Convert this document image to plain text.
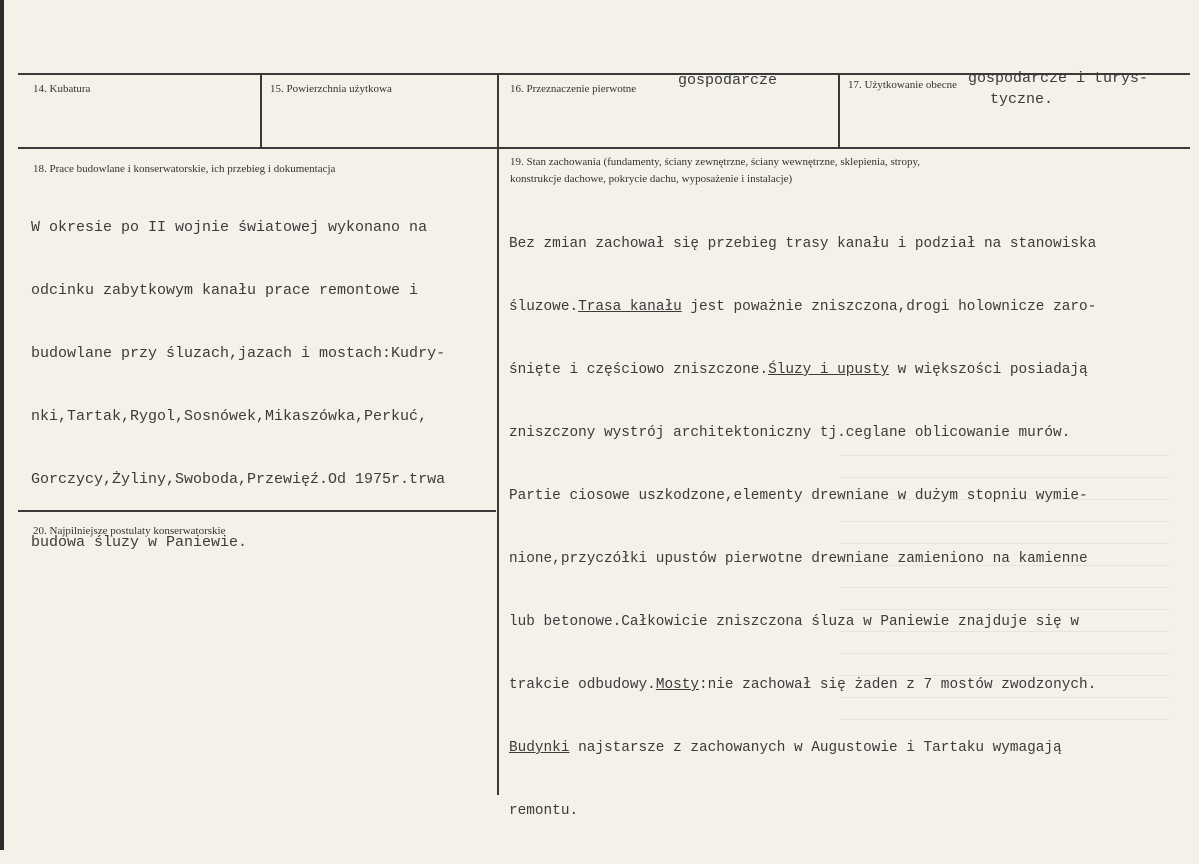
14. Kubatura	15. Powierzchnia użytkowa	16. Przeznaczenie pierwotne	gospodarcze	17. Użytkowanie obecne gospodarcze i turys-
tyczne.
18. Prace budowlane i konserwatorskie, ich przebieg i dokumentacja

W okresie po II wojnie światowej wykonano na

odcinku zabytkowym kanału prace remontowe i

budowlane przy śluzach,jazach i mostach:Kudry-

nki,Tartak,Rygol,Sosnówek,Mikaszówka,Perkuć,

Gorczycy,Żyliny,Swoboda,Przewięź.Od 1975r.trwa

budowa śluzy w Paniewie.

19. Stan zachowania (fundamenty, ściany zewnętrzne, ściany wewnętrzne, sklepienia, stropy,
konstrukcje dachowe, pokrycie dachu, wyposażenie i instalacje)

Bez zmian zachował się przebieg trasy kanału i podział na stanowiska

śluzowe.Trasa kanału jest poważnie zniszczona,drogi holownicze zaro-

śnięte i częściowo zniszczone.Śluzy i upusty w większości posiadają

zniszczony wystrój architektoniczny tj.ceglane oblicowanie murów.

Partie ciosowe uszkodzone,elementy drewniane w dużym stopniu wymie-

nione,przyczółki upustów pierwotne drewniane zamieniono na kamienne

lub betonowe.Całkowicie zniszczona śluza w Paniewie znajduje się w

trakcie odbudowy.Mosty:nie zachował się żaden z 7 mostów zwodzonych.

Budynki najstarsze z zachowanych w Augustowie i Tartaku wymagają

remontu.

20. Najpilniejsze postulaty konserwatorskie
